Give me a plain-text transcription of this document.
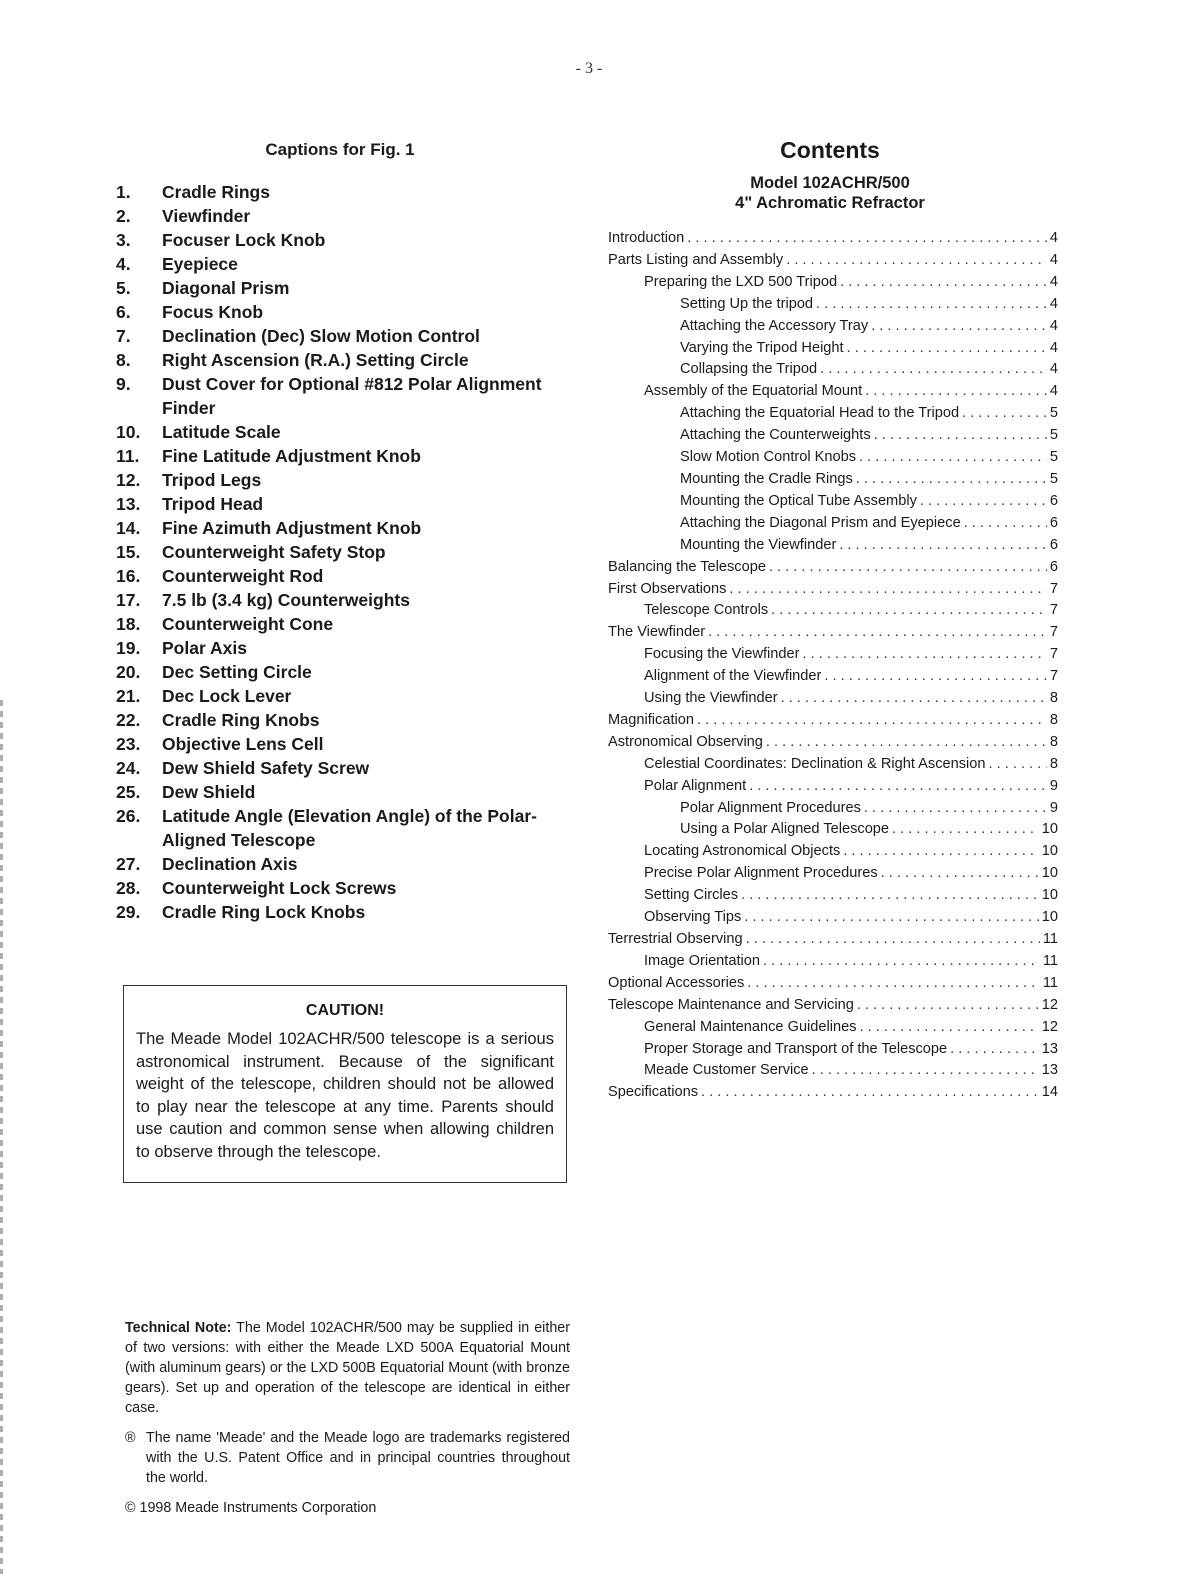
- 3 -
Captions for Fig. 1
1.	Cradle Rings
2.	Viewfinder
3.	Focuser Lock Knob
4.	Eyepiece
5.	Diagonal Prism
6.	Focus Knob
7.	Declination (Dec) Slow Motion Control
8.	Right Ascension (R.A.) Setting Circle
9.	Dust Cover for Optional #812 Polar Alignment Finder
10.	Latitude Scale
11.	Fine Latitude Adjustment Knob
12.	Tripod Legs
13.	Tripod Head
14.	Fine Azimuth Adjustment Knob
15.	Counterweight Safety Stop
16.	Counterweight Rod
17.	7.5 lb (3.4 kg) Counterweights
18.	Counterweight Cone
19.	Polar Axis
20.	Dec Setting Circle
21.	Dec Lock Lever
22.	Cradle Ring Knobs
23.	Objective Lens Cell
24.	Dew Shield Safety Screw
25.	Dew Shield
26.	Latitude Angle (Elevation Angle) of the Polar-Aligned Telescope
27.	Declination Axis
28.	Counterweight Lock Screws
29.	Cradle Ring Lock Knobs
CAUTION!
The Meade Model 102ACHR/500 telescope is a serious astronomical instrument. Because of the significant weight of the telescope, children should not be allowed to play near the telescope at any time. Parents should use caution and common sense when allowing children to observe through the telescope.
Technical Note: The Model 102ACHR/500 may be supplied in either of two versions: with either the Meade LXD 500A Equatorial Mount (with aluminum gears) or the LXD 500B Equatorial Mount (with bronze gears). Set up and operation of the telescope are identical in either case.
® The name 'Meade' and the Meade logo are trademarks registered with the U.S. Patent Office and in principal countries throughout the world.
© 1998 Meade Instruments Corporation
Contents
Model 102ACHR/500
4" Achromatic Refractor
Introduction . . .	4
Parts Listing and Assembly . . .	4
Preparing the LXD 500 Tripod . . .	4
Setting Up the tripod . . .	4
Attaching the Accessory Tray . . .	4
Varying the Tripod Height . . .	4
Collapsing the Tripod . . .	4
Assembly of the Equatorial Mount . . .	4
Attaching the Equatorial Head to the Tripod . . .	5
Attaching the Counterweights . . .	5
Slow Motion Control Knobs . . .	5
Mounting the Cradle Rings . . .	5
Mounting the Optical Tube Assembly . . .	6
Attaching the Diagonal Prism and Eyepiece . . .	6
Mounting the Viewfinder . . .	6
Balancing the Telescope . . .	6
First Observations . . .	7
Telescope Controls . . .	7
The Viewfinder . . .	7
Focusing the Viewfinder . . .	7
Alignment of the Viewfinder . . .	7
Using the Viewfinder . . .	8
Magnification . . .	8
Astronomical Observing . . .	8
Celestial Coordinates: Declination & Right Ascension . . .	8
Polar Alignment . . .	9
Polar Alignment Procedures . . .	9
Using a Polar Aligned Telescope . . .	10
Locating Astronomical Objects . . .	10
Precise Polar Alignment Procedures . . .	10
Setting Circles . . .	10
Observing Tips . . .	10
Terrestrial Observing . . .	11
Image Orientation . . .	11
Optional Accessories . . .	11
Telescope Maintenance and Servicing . . .	12
General Maintenance Guidelines . . .	12
Proper Storage and Transport of the Telescope . . .	13
Meade Customer Service . . .	13
Specifications . . .	14
